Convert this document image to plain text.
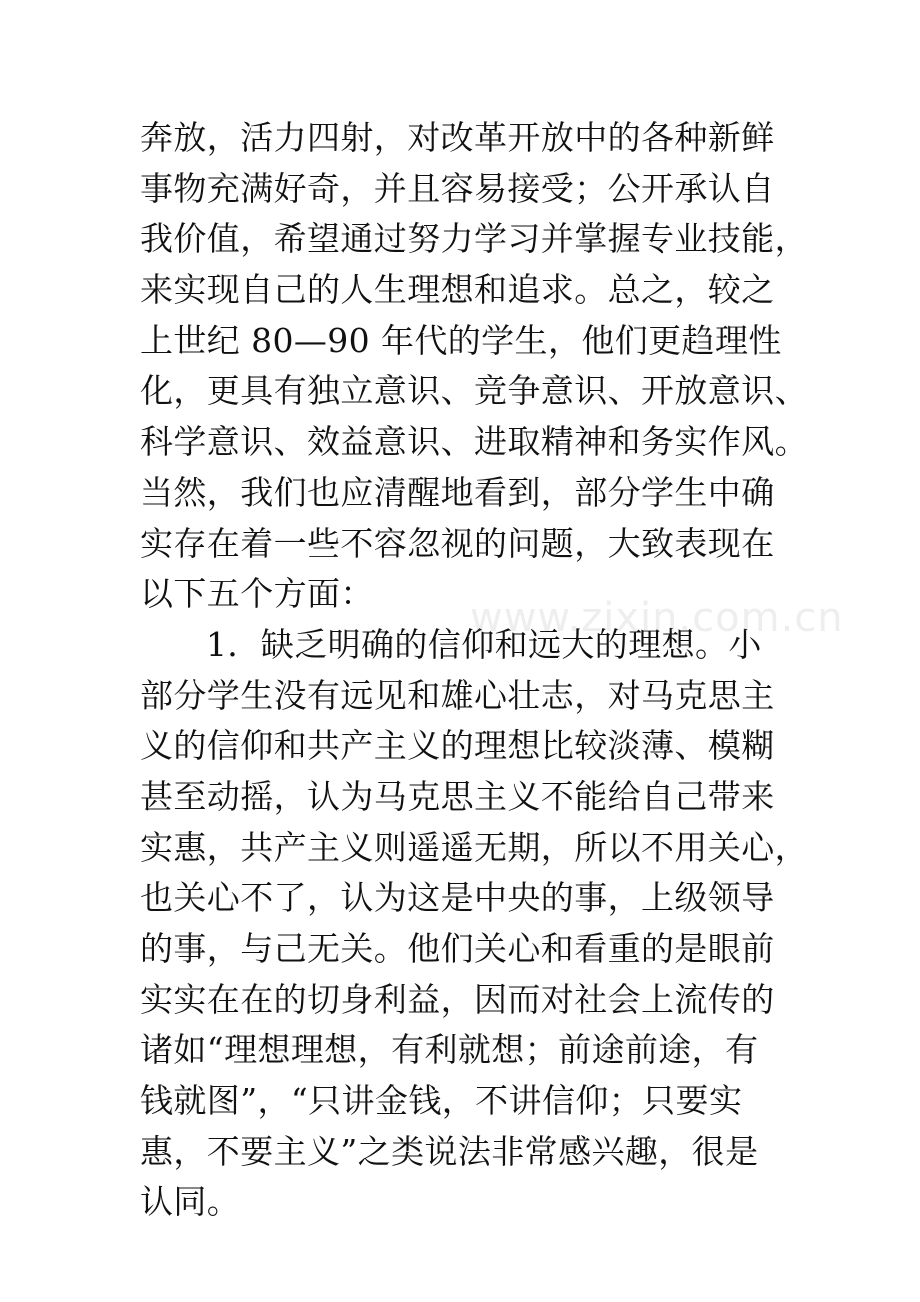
奔放，活力四射，对改革开放中的各种新鲜
事物充满好奇，并且容易接受；公开承认自
我价值，希望通过努力学习并掌握专业技能，
来实现自己的人生理想和追求。总之，较之
上世纪 80—90 年代的学生，他们更趋理性
化，更具有独立意识、竞争意识、开放意识、
科学意识、效益意识、进取精神和务实作风。
当然，我们也应清醒地看到，部分学生中确
实存在着一些不容忽视的问题，大致表现在
以下五个方面：
1．缺乏明确的信仰和远大的理想。小
部分学生没有远见和雄心壮志，对马克思主
义的信仰和共产主义的理想比较淡薄、模糊
甚至动摇，认为马克思主义不能给自己带来
实惠，共产主义则遥遥无期，所以不用关心，
也关心不了，认为这是中央的事，上级领导
的事，与己无关。他们关心和看重的是眼前
实实在在的切身利益，因而对社会上流传的
诸如“理想理想，有利就想；前途前途，有
钱就图”，“只讲金钱，不讲信仰；只要实
惠，不要主义”之类说法非常感兴趣，很是
认同。
www.zixin.com.cn
